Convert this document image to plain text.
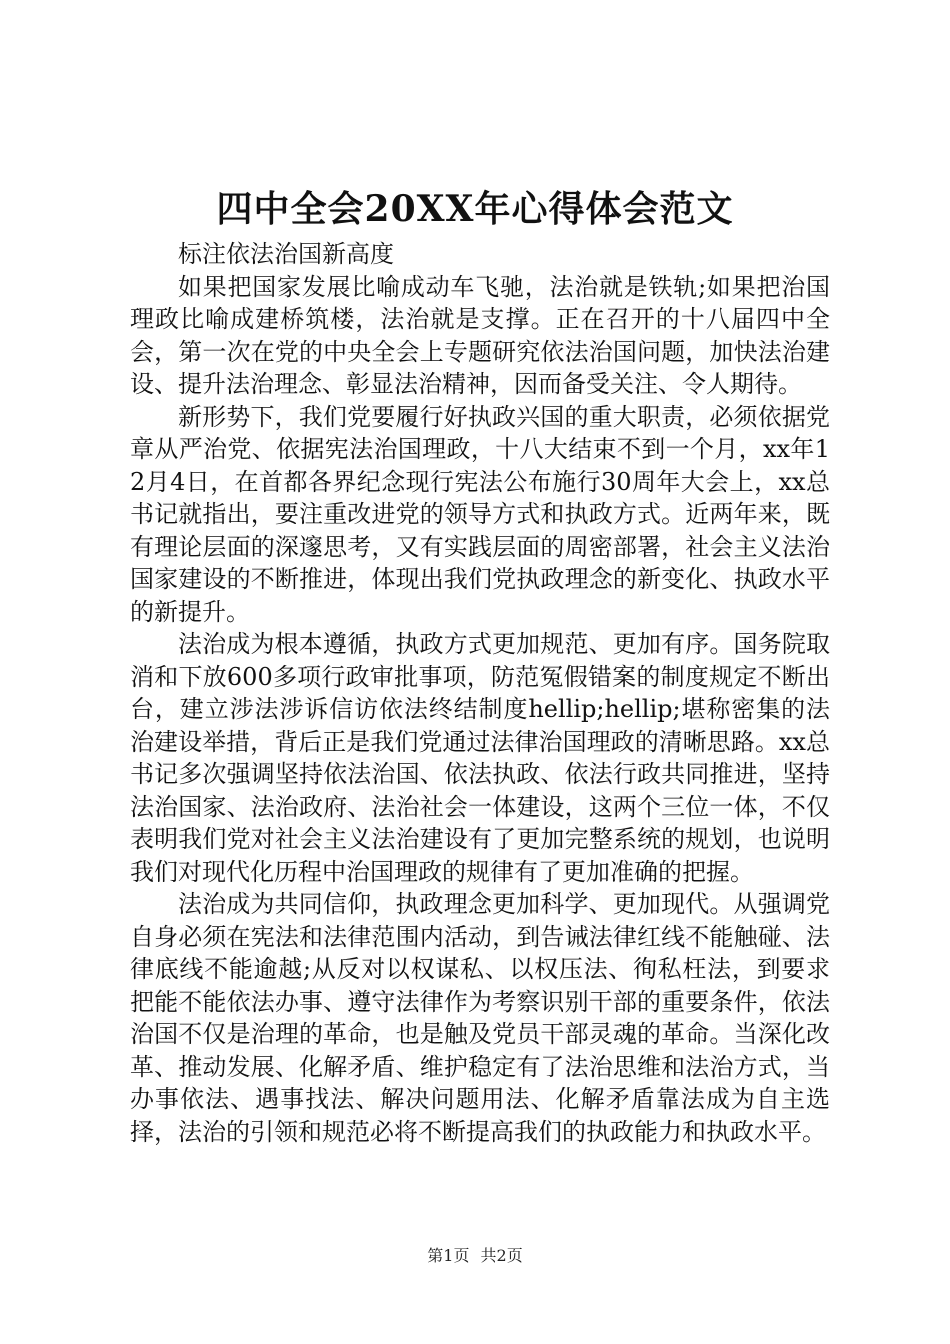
四中全会20XX年心得体会范文

标注依法治国新高度

如果把国家发展比喻成动车飞驰，法治就是铁轨;如果把治国理政比喻成建桥筑楼，法治就是支撑。正在召开的十八届四中全会，第一次在党的中央全会上专题研究依法治国问题，加快法治建设、提升法治理念、彰显法治精神，因而备受关注、令人期待。

新形势下，我们党要履行好执政兴国的重大职责，必须依据党章从严治党、依据宪法治国理政，十八大结束不到一个月，xx年12月4日，在首都各界纪念现行宪法公布施行30周年大会上，xx总书记就指出，要注重改进党的领导方式和执政方式。近两年来，既有理论层面的深邃思考，又有实践层面的周密部署，社会主义法治国家建设的不断推进，体现出我们党执政理念的新变化、执政水平的新提升。

法治成为根本遵循，执政方式更加规范、更加有序。国务院取消和下放600多项行政审批事项，防范冤假错案的制度规定不断出台，建立涉法涉诉信访依法终结制度hellip;hellip;堪称密集的法治建设举措，背后正是我们党通过法律治国理政的清晰思路。xx总书记多次强调坚持依法治国、依法执政、依法行政共同推进，坚持法治国家、法治政府、法治社会一体建设，这两个三位一体，不仅表明我们党对社会主义法治建设有了更加完整系统的规划，也说明我们对现代化历程中治国理政的规律有了更加准确的把握。

法治成为共同信仰，执政理念更加科学、更加现代。从强调党自身必须在宪法和法律范围内活动，到告诫法律红线不能触碰、法律底线不能逾越;从反对以权谋私、以权压法、徇私枉法，到要求把能不能依法办事、遵守法律作为考察识别干部的重要条件，依法治国不仅是治理的革命，也是触及党员干部灵魂的革命。当深化改革、推动发展、化解矛盾、维护稳定有了法治思维和法治方式，当办事依法、遇事找法、解决问题用法、化解矛盾靠法成为自主选择，法治的引领和规范必将不断提高我们的执政能力和执政水平。

第1页 共2页
